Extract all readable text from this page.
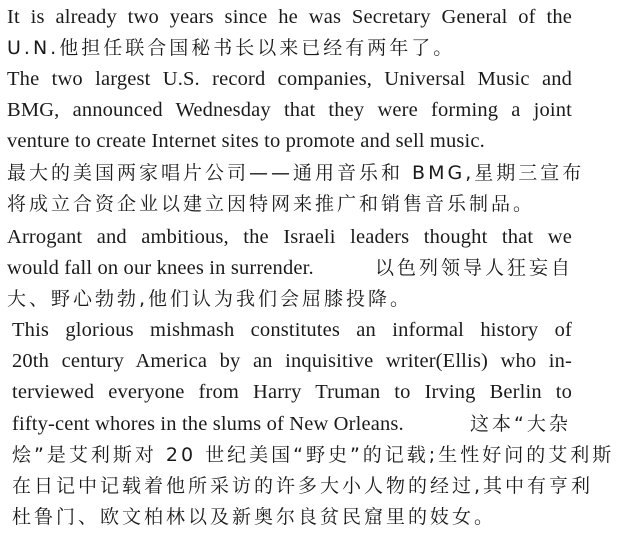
It is already two years since he was Secretary General of the
U.N.他担任联合国秘书长以来已经有两年了。
The two largest U.S. record companies, Universal Music and
BMG, announced Wednesday that they were forming a joint
venture to create Internet sites to promote and sell music.
最大的美国两家唱片公司——通用音乐和 BMG,星期三宣布
将成立合资企业以建立因特网来推广和销售音乐制品。
Arrogant and ambitious, the Israeli leaders thought that we
would fall on our knees in surrender.	以色列领导人狂妄自
大、野心勃勃,他们认为我们会屈膝投降。
This glorious mishmash constitutes an informal history of
20th century America by an inquisitive writer(Ellis) who in-
terviewed everyone from Harry Truman to Irving Berlin to
fifty-cent whores in the slums of New Orleans.	这本“大杂
烩”是艾利斯对 20 世纪美国“野史”的记载;生性好问的艾利斯
在日记中记载着他所采访的许多大小人物的经过,其中有亨利
杜鲁门、欧文柏林以及新奥尔良贫民窟里的妓女。
